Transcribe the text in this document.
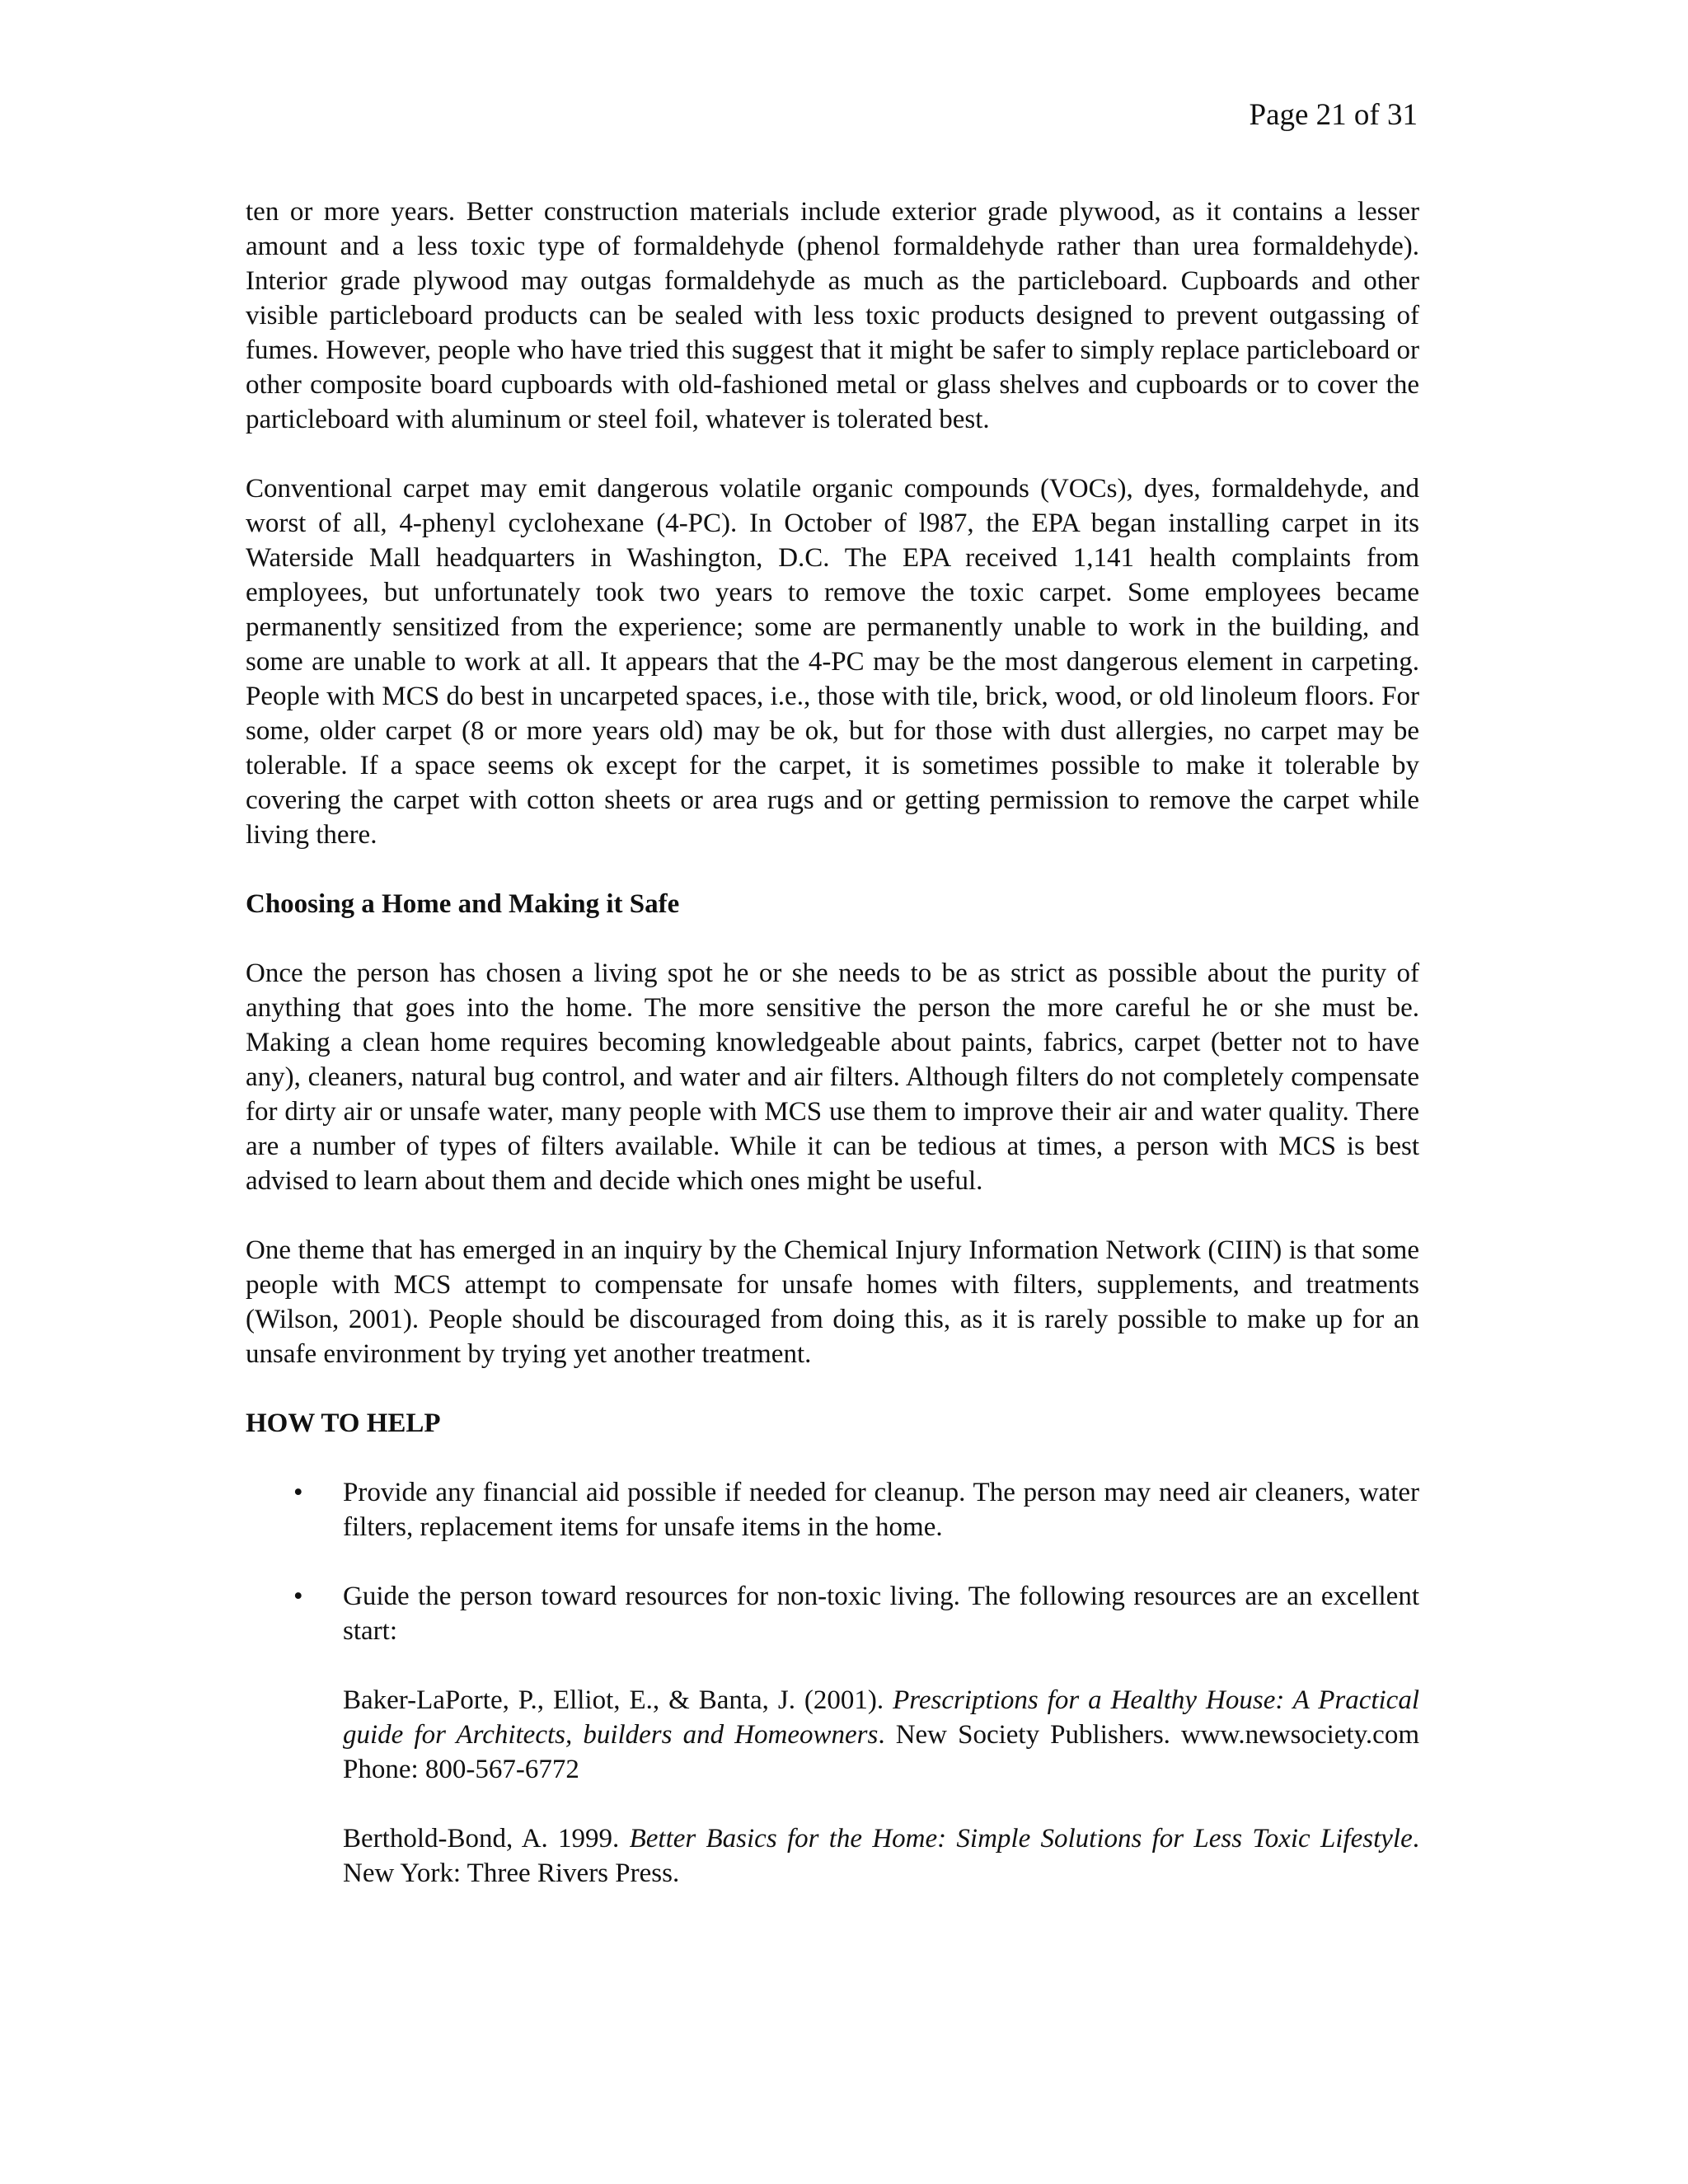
Page 21 of 31

ten or more years. Better construction materials include exterior grade plywood, as it contains a lesser amount and a less toxic type of formaldehyde (phenol formaldehyde rather than urea formaldehyde). Interior grade plywood may outgas formaldehyde as much as the particleboard. Cupboards and other visible particleboard products can be sealed with less toxic products designed to prevent outgassing of fumes. However, people who have tried this suggest that it might be safer to simply replace particleboard or other composite board cupboards with old-fashioned metal or glass shelves and cupboards or to cover the particleboard with aluminum or steel foil, whatever is tolerated best.

Conventional carpet may emit dangerous volatile organic compounds (VOCs), dyes, formaldehyde, and worst of all, 4-phenyl cyclohexane (4-PC). In October of l987, the EPA began installing carpet in its Waterside Mall headquarters in Washington, D.C. The EPA received 1,141 health complaints from employees, but unfortunately took two years to remove the toxic carpet. Some employees became permanently sensitized from the experience; some are permanently unable to work in the building, and some are unable to work at all. It appears that the 4-PC may be the most dangerous element in carpeting. People with MCS do best in uncarpeted spaces, i.e., those with tile, brick, wood, or old linoleum floors. For some, older carpet (8 or more years old) may be ok, but for those with dust allergies, no carpet may be tolerable. If a space seems ok except for the carpet, it is sometimes possible to make it tolerable by covering the carpet with cotton sheets or area rugs and or getting permission to remove the carpet while living there.

Choosing a Home and Making it Safe

Once the person has chosen a living spot he or she needs to be as strict as possible about the purity of anything that goes into the home. The more sensitive the person the more careful he or she must be. Making a clean home requires becoming knowledgeable about paints, fabrics, carpet (better not to have any), cleaners, natural bug control, and water and air filters. Although filters do not completely compensate for dirty air or unsafe water, many people with MCS use them to improve their air and water quality. There are a number of types of filters available. While it can be tedious at times, a person with MCS is best advised to learn about them and decide which ones might be useful.

One theme that has emerged in an inquiry by the Chemical Injury Information Network (CIIN) is that some people with MCS attempt to compensate for unsafe homes with filters, supplements, and treatments (Wilson, 2001). People should be discouraged from doing this, as it is rarely possible to make up for an unsafe environment by trying yet another treatment.

HOW TO HELP

• Provide any financial aid possible if needed for cleanup. The person may need air cleaners, water filters, replacement items for unsafe items in the home.

• Guide the person toward resources for non-toxic living. The following resources are an excellent start:

Baker-LaPorte, P., Elliot, E., & Banta, J. (2001). Prescriptions for a Healthy House: A Practical guide for Architects, builders and Homeowners. New Society Publishers. www.newsociety.com Phone: 800-567-6772

Berthold-Bond, A. 1999. Better Basics for the Home: Simple Solutions for Less Toxic Lifestyle. New York: Three Rivers Press.
